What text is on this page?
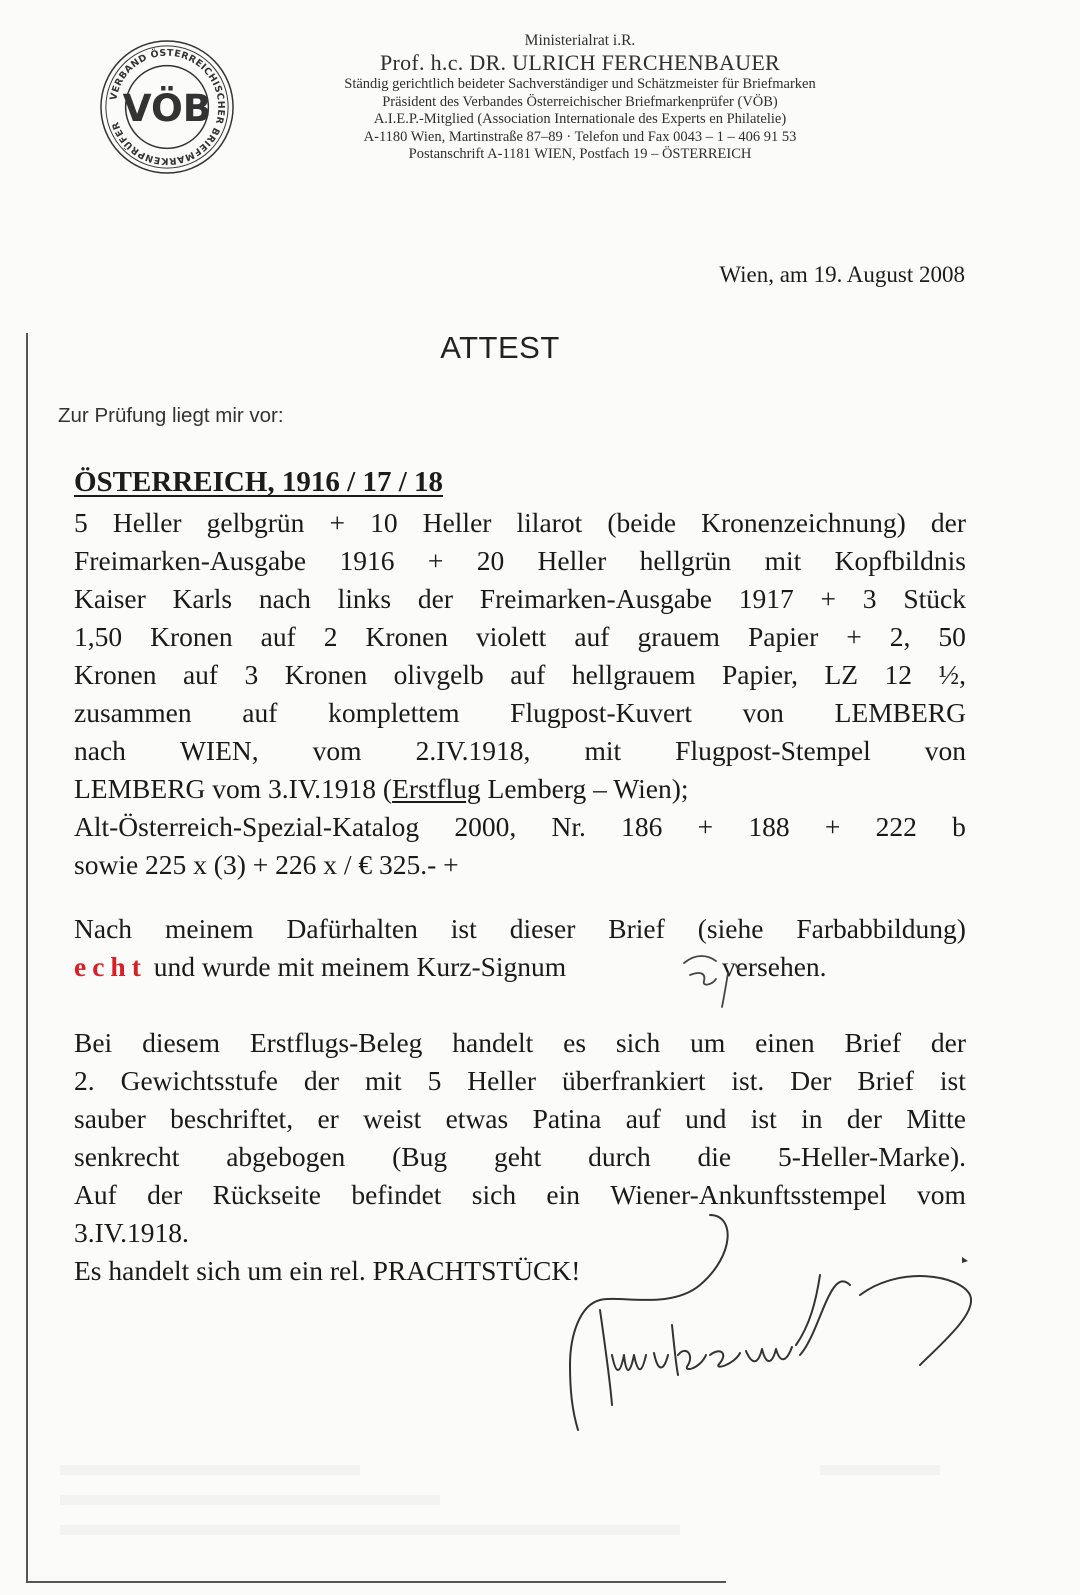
VERBAND ÖSTERREICHISCHER BRIEFMARKENPRÜFER VÖB
Ministerialrat i.R.
Prof. h.c. DR. ULRICH FERCHENBAUER
Ständig gerichtlich beideter Sachverständiger und Schätzmeister für Briefmarken
Präsident des Verbandes Österreichischer Briefmarkenprüfer (VÖB)
A.I.E.P.-Mitglied (Association Internationale des Experts en Philatelie)
A-1180 Wien, Martinstraße 87–89 · Telefon und Fax 0043 – 1 – 406 91 53
Postanschrift A-1181 WIEN, Postfach 19 – ÖSTERREICH
Wien, am 19. August 2008
ATTEST
Zur Prüfung liegt mir vor:
ÖSTERREICH, 1916 / 17 / 18
5 Heller gelbgrün + 10 Heller lilarot (beide Kronenzeichnung) der
Freimarken-Ausgabe 1916 + 20 Heller hellgrün mit Kopfbildnis
Kaiser Karls nach links der Freimarken-Ausgabe 1917 + 3 Stück
1,50 Kronen auf 2 Kronen violett auf grauem Papier + 2, 50
Kronen auf 3 Kronen olivgelb auf hellgrauem Papier, LZ 12 ½,
zusammen auf komplettem Flugpost-Kuvert von LEMBERG
nach WIEN, vom 2.IV.1918, mit Flugpost-Stempel von
LEMBERG vom 3.IV.1918 (Erstflug Lemberg – Wien);
Alt-Österreich-Spezial-Katalog 2000, Nr. 186 + 188 + 222 b
sowie 225 x (3) + 226 x / € 325.- +
Nach meinem Dafürhalten ist dieser Brief (siehe Farbabbildung)
echt und wurde mit meinem Kurz-Signum	versehen.
Bei diesem Erstflugs-Beleg handelt es sich um einen Brief der
2. Gewichtsstufe der mit 5 Heller überfrankiert ist. Der Brief ist
sauber beschriftet, er weist etwas Patina auf und ist in der Mitte
senkrecht abgebogen (Bug geht durch die 5-Heller-Marke).
Auf der Rückseite befindet sich ein Wiener-Ankunftsstempel vom
3.IV.1918.
Es handelt sich um ein rel. PRACHTSTÜCK!
